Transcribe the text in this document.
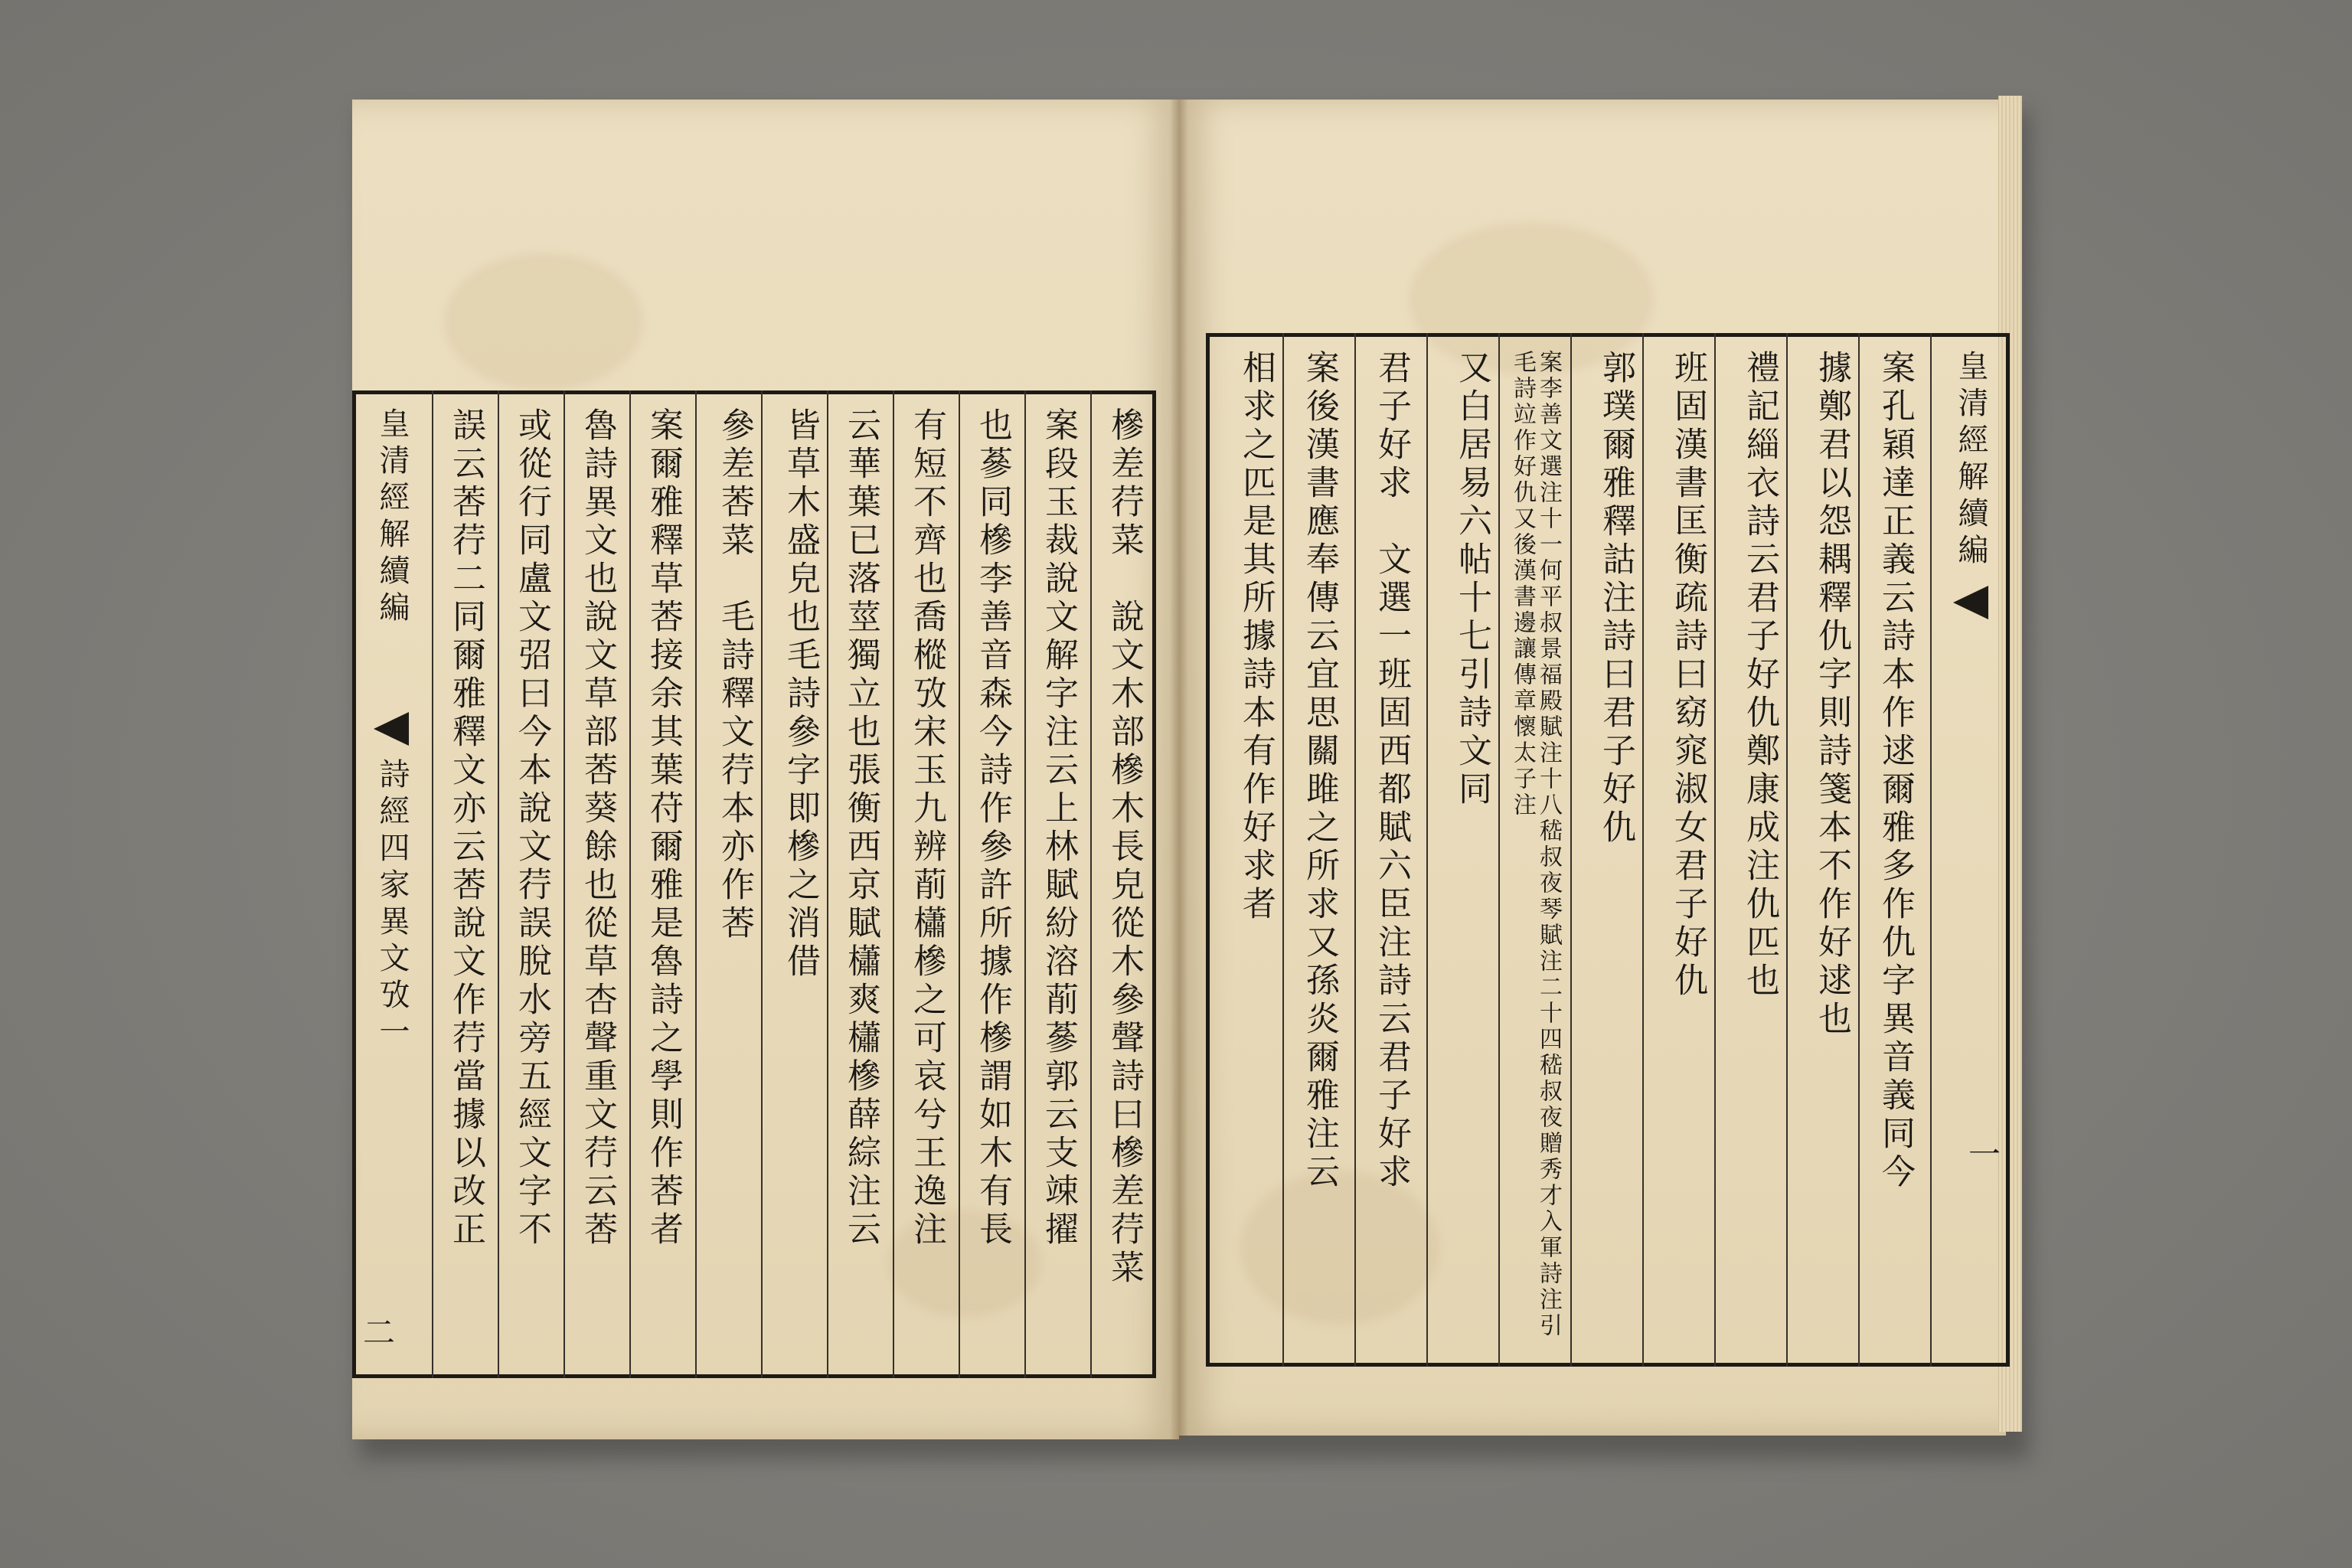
槮差荇菜　說文木部槮木長皃從木參聲詩曰槮差荇菜
案段玉裁說文解字注云上林賦紛溶萷蔘郭云支竦擢
也蔘同槮李善音森今詩作參許所據作槮謂如木有長
有短不齊也喬樅攷宋玉九辨萷櫹槮之可哀兮王逸注
云華葉已落莖獨立也張衡西京賦櫹爽櫹槮薛綜注云
皆草木盛皃也毛詩參字即槮之消借
參差莕菜　毛詩釋文荇本亦作莕
案爾雅釋草莕接余其葉苻爾雅是魯詩之學則作莕者
魯詩異文也說文草部莕葵餘也從草杏聲重文荇云莕
或從行同盧文弨曰今本說文荇誤脫水旁五經文字不
誤云莕荇二同爾雅釋文亦云莕說文作荇當據以改正
皇清經解續編
詩經四家異文攷一
二
皇清經解續編
一
案孔穎達正義云詩本作逑爾雅多作仇字異音義同今
據鄭君以怨耦釋仇字則詩箋本不作好逑也
禮記緇衣詩云君子好仇鄭康成注仇匹也
班固漢書匡衡疏詩曰窈窕淑女君子好仇
郭璞爾雅釋詁注詩曰君子好仇
案李善文選注十一何平叔景福殿賦注十八嵇叔夜琴賦注二十四嵇叔夜贈秀才入軍詩注引毛詩竝作好仇又後漢書邊讓傳章懷太子注
又白居易六帖十七引詩文同
君子好求　文選一班固西都賦六臣注詩云君子好求
案後漢書應奉傳云宜思關雎之所求又孫炎爾雅注云
相求之匹是其所據詩本有作好求者
